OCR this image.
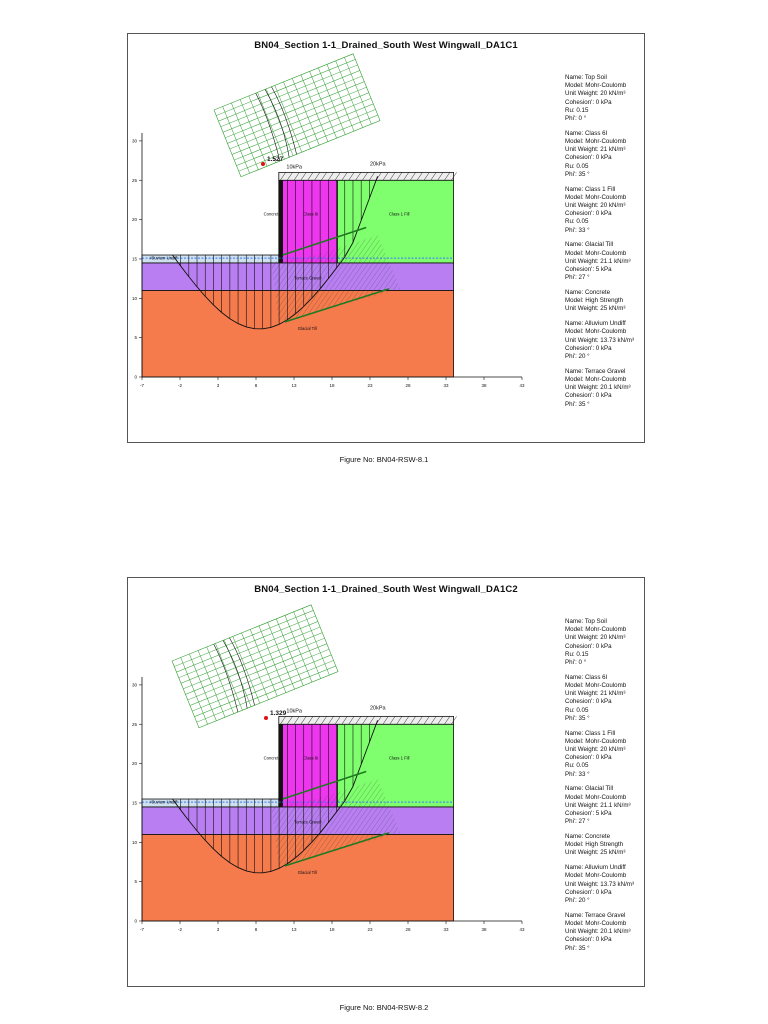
-7	-2	3	8	13	18	23	28	33	38	43
0
5
10
15
20
25
30
1.527
10kPa	20kPa
Concrete	Class 6I	Class 1 Fill
Alluvium Undiff
Terrace Gravel
Glacial Till
BN04_Section 1-1_Drained_South West Wingwall_DA1C1
Name: Top Soil
Model: Mohr-Coulomb
Unit Weight: 20 kN/m³
Cohesion': 0 kPa
Ru: 0.15
Phi': 0 °
Name: Class 6I
Model: Mohr-Coulomb
Unit Weight: 21 kN/m³
Cohesion': 0 kPa
Ru: 0.05
Phi': 35 °
Name: Class 1 Fill
Model: Mohr-Coulomb
Unit Weight: 20 kN/m³
Cohesion': 0 kPa
Ru: 0.05
Phi': 33 °
Name: Glacial Till
Model: Mohr-Coulomb
Unit Weight: 21.1 kN/m³
Cohesion': 5 kPa
Phi': 27 °
Name: Concrete
Model: High Strength
Unit Weight: 25 kN/m³
Name: Alluvium Undiff
Model: Mohr-Coulomb
Unit Weight: 13.73 kN/m³
Cohesion': 0 kPa
Phi': 20 °
Name: Terrace Gravel
Model: Mohr-Coulomb
Unit Weight: 20.1 kN/m³
Cohesion': 0 kPa
Phi': 35 °
Figure No: BN04-RSW-8.1
-7	-2	3	8	13	18	23	28	33	38	43
0
5
10
15
20
25
30
1.329 10kPa	20kPa
Concrete	Class 6I	Class 1 Fill
Alluvium Undiff
Terrace Gravel
Glacial Till
BN04_Section 1-1_Drained_South West Wingwall_DA1C2
Name: Top Soil
Model: Mohr-Coulomb
Unit Weight: 20 kN/m³
Cohesion': 0 kPa
Ru: 0.15
Phi': 0 °
Name: Class 6I
Model: Mohr-Coulomb
Unit Weight: 21 kN/m³
Cohesion': 0 kPa
Ru: 0.05
Phi': 35 °
Name: Class 1 Fill
Model: Mohr-Coulomb
Unit Weight: 20 kN/m³
Cohesion': 0 kPa
Ru: 0.05
Phi': 33 °
Name: Glacial Till
Model: Mohr-Coulomb
Unit Weight: 21.1 kN/m³
Cohesion': 5 kPa
Phi': 27 °
Name: Concrete
Model: High Strength
Unit Weight: 25 kN/m³
Name: Alluvium Undiff
Model: Mohr-Coulomb
Unit Weight: 13.73 kN/m³
Cohesion': 0 kPa
Phi': 20 °
Name: Terrace Gravel
Model: Mohr-Coulomb
Unit Weight: 20.1 kN/m³
Cohesion': 0 kPa
Phi': 35 °
Figure No: BN04-RSW-8.2
